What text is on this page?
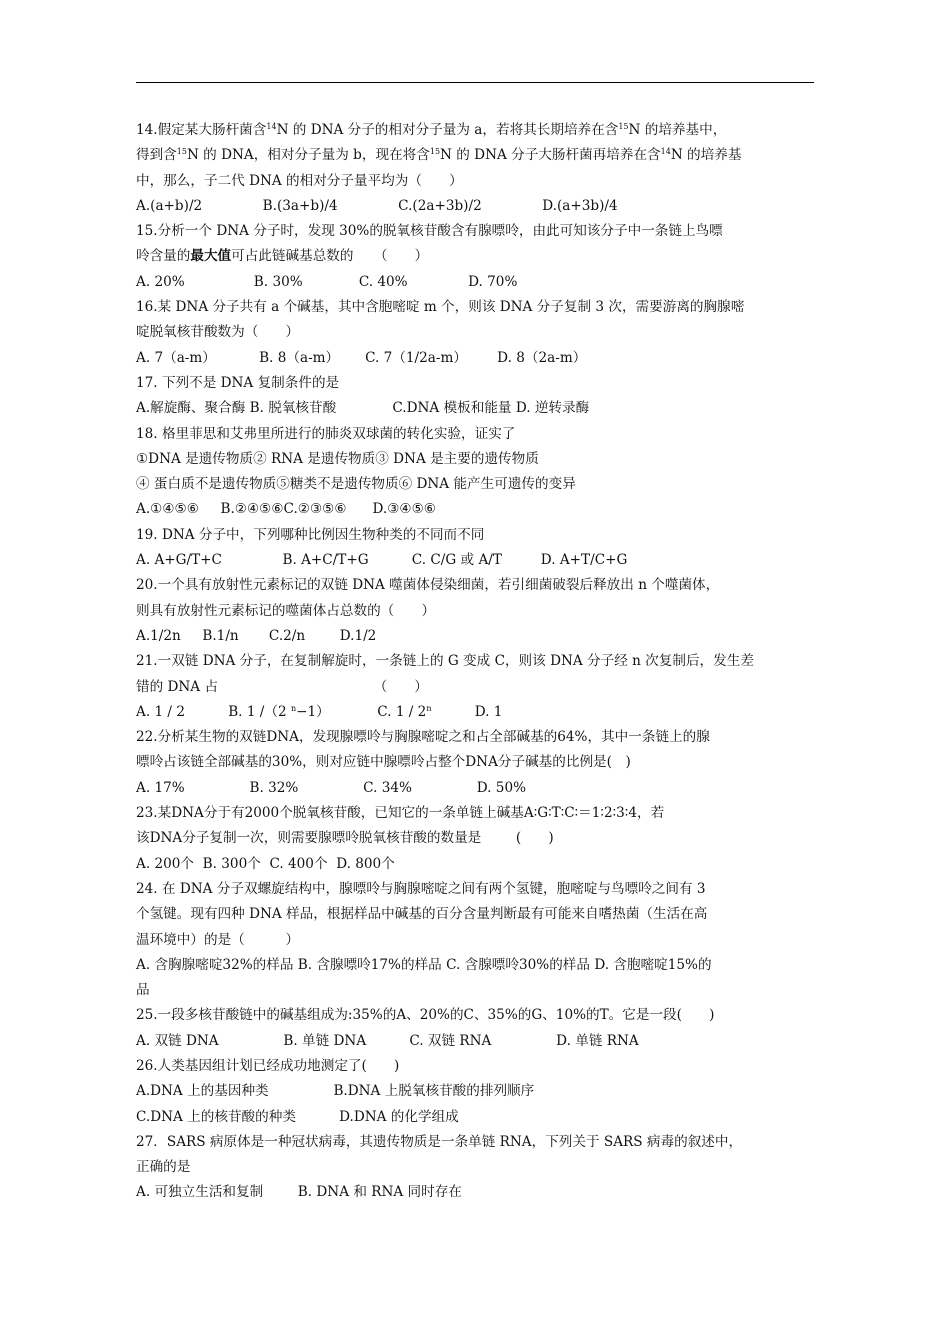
14.假定某大肠杆菌含$^{14}$N 的 DNA 分子的相对分子量为 a，若将其长期培养在含$^{15}$N 的培养基中，
得到含$^{15}$N 的 DNA，相对分子量为 b，现在将含$^{15}$N 的 DNA 分子大肠杆菌再培养在含$^{14}$N 的培养基
中，那么，子二代 DNA 的相对分子量平均为（　　）
A.(a+b)/2              B.(3a+b)/4              C.(2a+3b)/2              D.(a+3b)/4
15.分析一个 DNA 分子时，发现 30%的脱氧核苷酸含有腺嘌呤，由此可知该分子中一条链上鸟嘌
呤含量的最大值可占此链碱基总数的　　（　　）
A. 20%                B. 30%             C. 40%              D. 70%
16.某 DNA 分子共有 a 个碱基，其中含胞嘧啶 m 个，则该 DNA 分子复制 3 次，需要游离的胸腺嘧
啶脱氧核苷酸数为（　　）
A. 7（a-m）          B. 8（a-m）      C. 7（1/2a-m）       D. 8（2a-m）
17. 下列不是 DNA 复制条件的是
A.解旋酶、聚合酶 B. 脱氧核苷酸             C.DNA 模板和能量 D. 逆转录酶
18. 格里菲思和艾弗里所进行的肺炎双球菌的转化实验，证实了
①DNA 是遗传物质② RNA 是遗传物质③ DNA 是主要的遗传物质
④ 蛋白质不是遗传物质⑤糖类不是遗传物质⑥ DNA 能产生可遗传的变异
A.①④⑤⑥     B.②④⑤⑥C.②③⑤⑥      D.③④⑤⑥
19. DNA 分子中，下列哪种比例因生物种类的不同而不同
A. A+G/T+C              B. A+C/T+G          C. C/G 或 A/T         D. A+T/C+G
20.一个具有放射性元素标记的双链 DNA 噬菌体侵染细菌，若引细菌破裂后释放出 n 个噬菌体，
则具有放射性元素标记的噬菌体占总数的（　　）
A.1/2n     B.1/n       C.2/n        D.1/2
21.一双链 DNA 分子，在复制解旋时，一条链上的 G 变成 C，则该 DNA 分子经 n 次复制后，发生差
错的 DNA 占                                    （　　）
A. 1 / 2          B. 1 /（2 $^n$−1）           C. 1 / 2$^n$          D. 1
22.分析某生物的双链DNA，发现腺嘌呤与胸腺嘧啶之和占全部碱基的64%，其中一条链上的腺
嘌呤占该链全部碱基的30%，则对应链中腺嘌呤占整个DNA分子碱基的比例是(　)
A. 17%               B. 32%               C. 34%               D. 50%
23.某DNA分于有2000个脱氧核苷酸，已知它的一条单链上碱基A∶G∶T∶C∶＝1∶2∶3∶4，若
该DNA分子复制一次，则需要腺嘌呤脱氧核苷酸的数量是        (　　)
A. 200个  B. 300个  C. 400个  D. 800个
24. 在 DNA 分子双螺旋结构中，腺嘌呤与胸腺嘧啶之间有两个氢键，胞嘧啶与鸟嘌呤之间有 3
个氢键。现有四种 DNA 样品，根据样品中碱基的百分含量判断最有可能来自嗜热菌（生活在高
温环境中）的是（　　　）
A. 含胸腺嘧啶32%的样品 B. 含腺嘌呤17%的样品 C. 含腺嘌呤30%的样品 D. 含胞嘧啶15%的
品
25.一段多核苷酸链中的碱基组成为:35%的A、20%的C、35%的G、10%的T。它是一段(　　)
A. 双链 DNA               B. 单链 DNA          C. 双链 RNA               D. 单链 RNA
26.人类基因组计划已经成功地测定了(　　)
A.DNA 上的基因种类               B.DNA 上脱氧核苷酸的排列顺序
C.DNA 上的核苷酸的种类          D.DNA 的化学组成
27．SARS 病原体是一种冠状病毒，其遗传物质是一条单链 RNA，下列关于 SARS 病毒的叙述中，
正确的是
A. 可独立生活和复制        B. DNA 和 RNA 同时存在
